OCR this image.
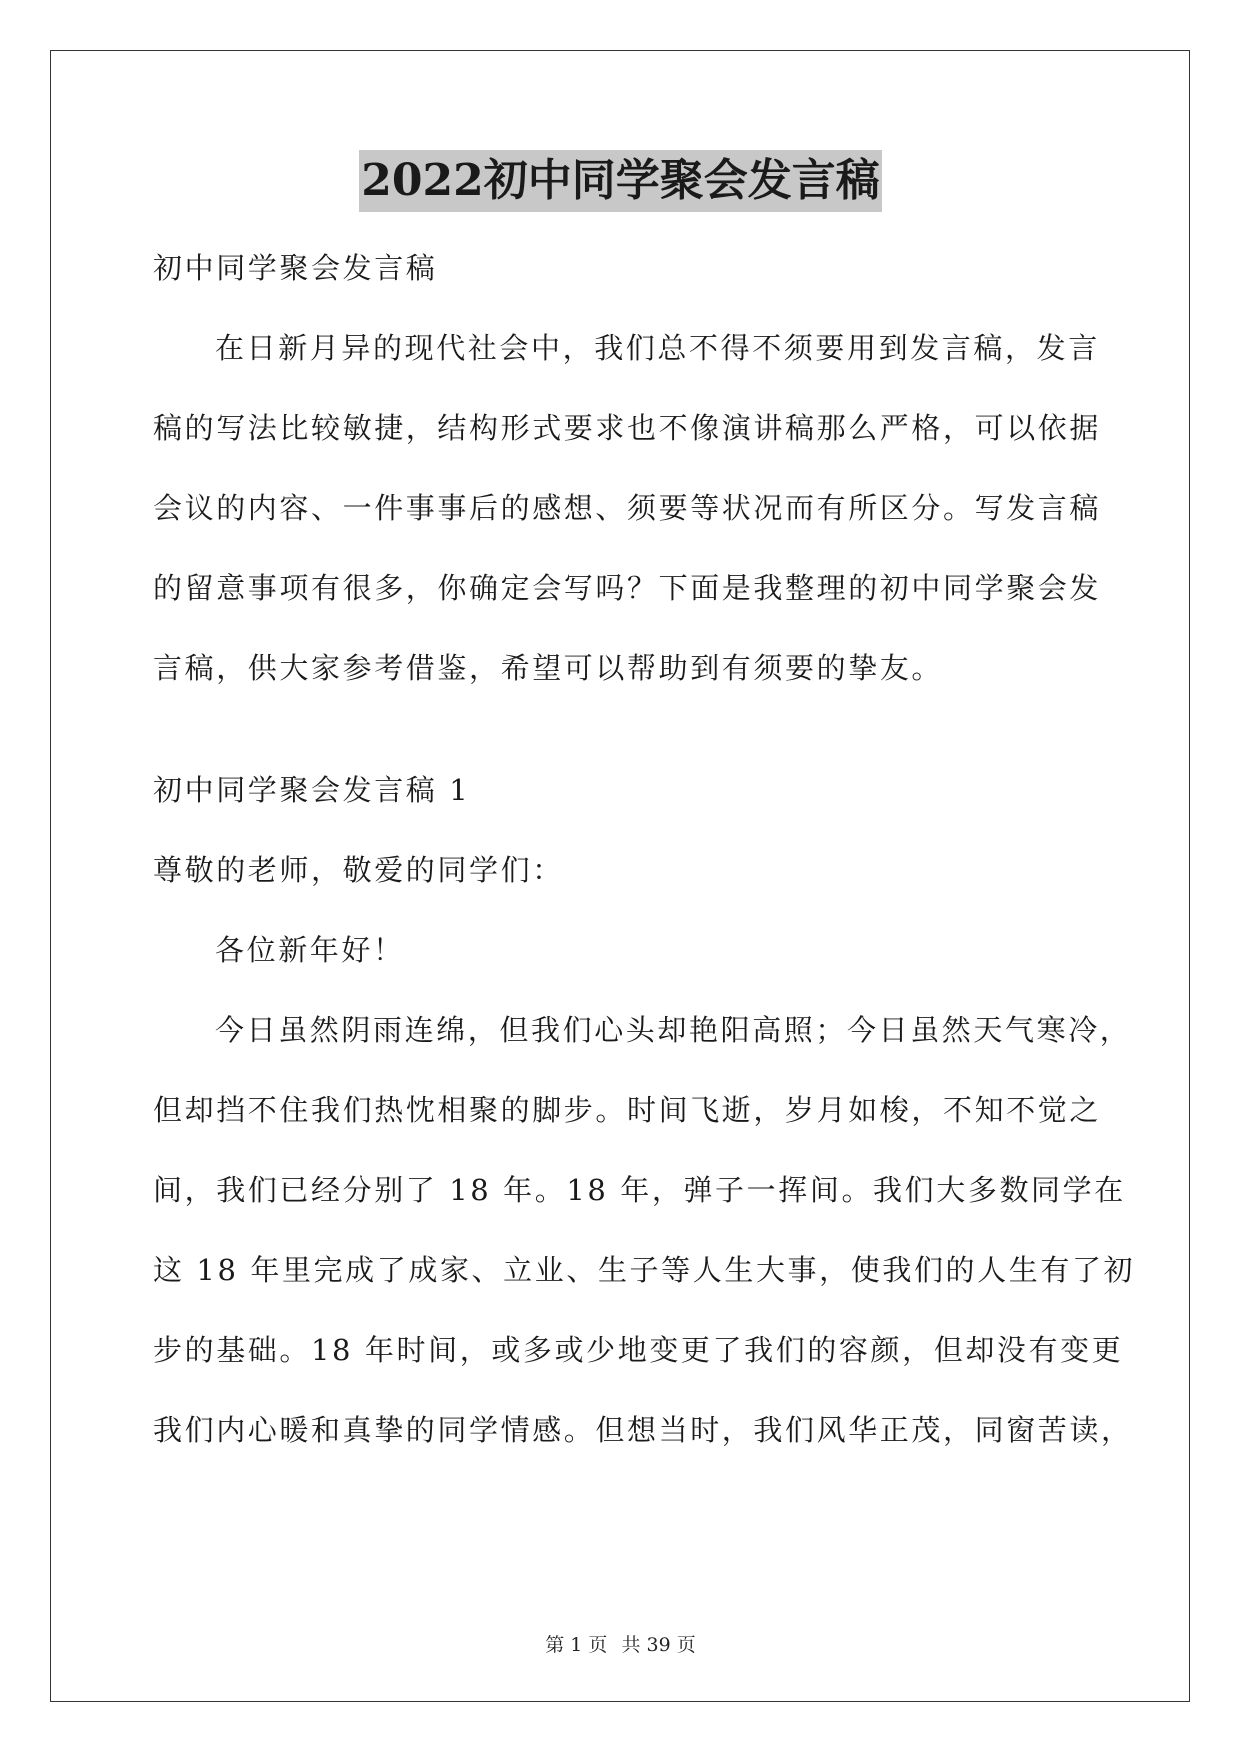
2022初中同学聚会发言稿
初中同学聚会发言稿
在日新月异的现代社会中，我们总不得不须要用到发言稿，发言
稿的写法比较敏捷，结构形式要求也不像演讲稿那么严格，可以依据
会议的内容、一件事事后的感想、须要等状况而有所区分。写发言稿
的留意事项有很多，你确定会写吗？下面是我整理的初中同学聚会发
言稿，供大家参考借鉴，希望可以帮助到有须要的挚友。
初中同学聚会发言稿 1
尊敬的老师，敬爱的同学们：
各位新年好！
今日虽然阴雨连绵，但我们心头却艳阳高照；今日虽然天气寒冷，
但却挡不住我们热忱相聚的脚步。时间飞逝，岁月如梭，不知不觉之
间，我们已经分别了 18 年。18 年，弹子一挥间。我们大多数同学在
这 18 年里完成了成家、立业、生子等人生大事，使我们的人生有了初
步的基础。18 年时间，或多或少地变更了我们的容颜，但却没有变更
我们内心暖和真挚的同学情感。但想当时，我们风华正茂，同窗苦读，
第 1 页 共 39 页
